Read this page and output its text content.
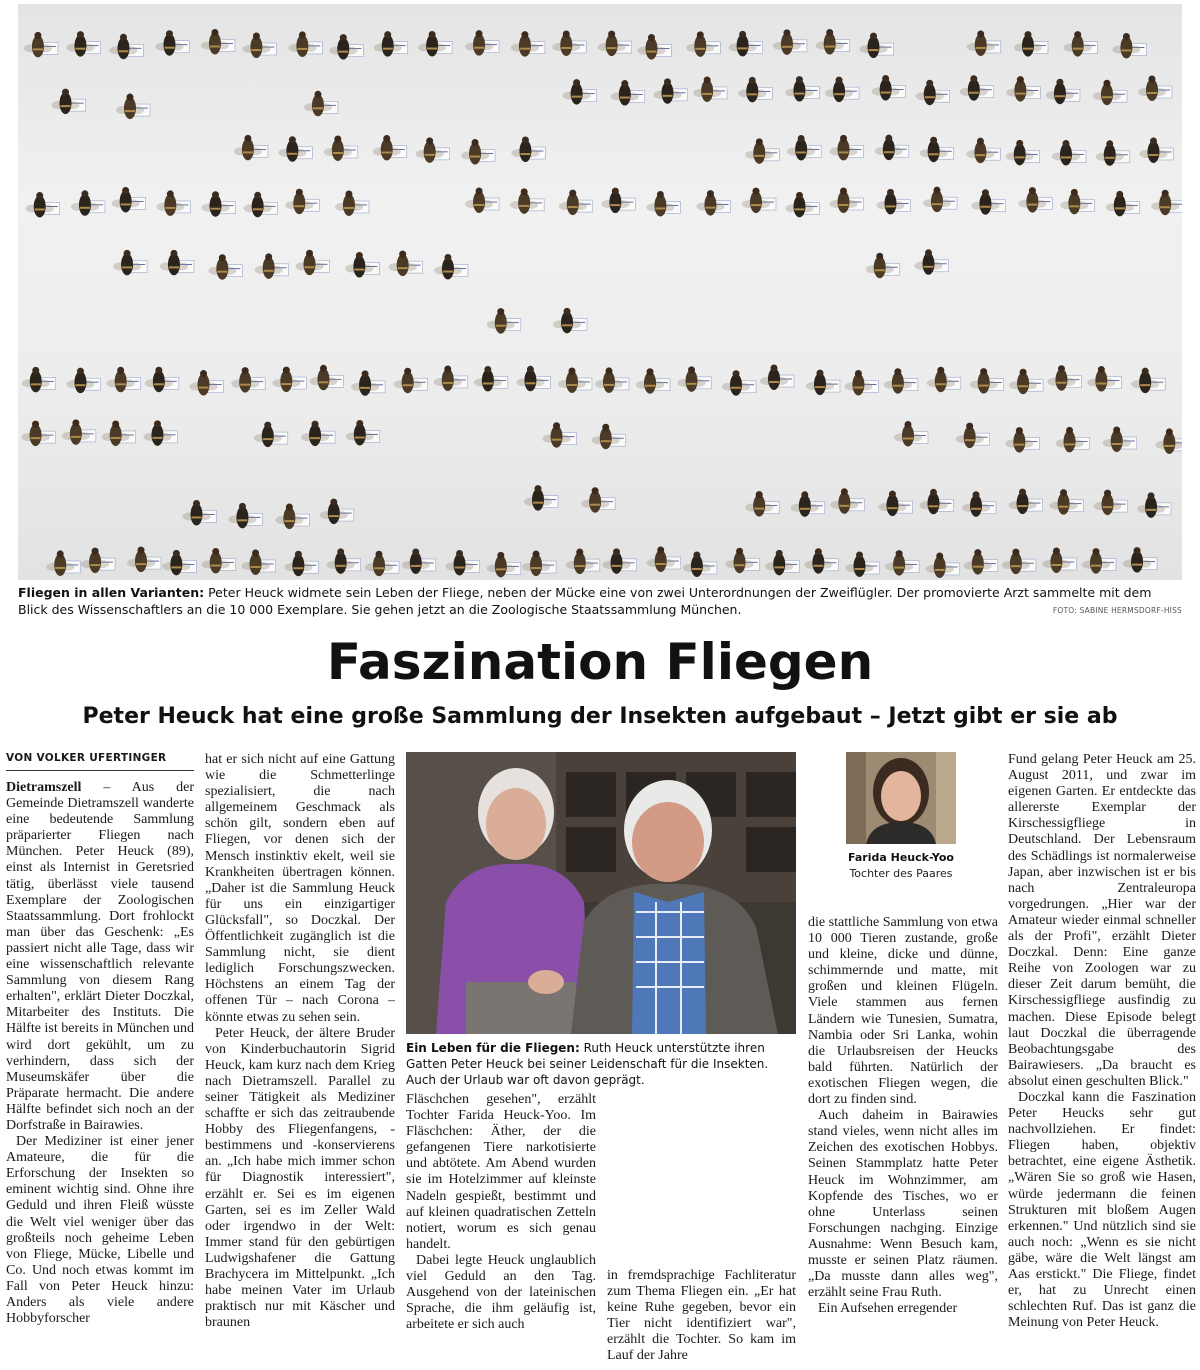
Fliegen in allen Varianten: Peter Heuck widmete sein Leben der Fliege, neben der Mücke eine von zwei Unterordnungen der Zweiflügler. Der promovierte Arzt sammelte mit dem Blick des Wissenschaftlers an die 10 000 Exemplare. Sie gehen jetzt an die Zoologische Staatssammlung München.	FOTO: SABINE HERMSDORF-HISS
Faszination Fliegen
Peter Heuck hat eine große Sammlung der Insekten aufgebaut – Jetzt gibt er sie ab
VON VOLKER UFERTINGER

Dietramszell – Aus der Gemeinde Dietramszell wanderte eine bedeutende Sammlung präparierter Fliegen nach München. Peter Heuck (89), einst als Internist in Geretsried tätig, überlässt viele tausend Exemplare der Zoologischen Staatssammlung. Dort frohlockt man über das Geschenk: „Es passiert nicht alle Tage, dass wir eine wissenschaftlich relevante Sammlung von diesem Rang erhalten", erklärt Dieter Doczkal, Mitarbeiter des Instituts. Die Hälfte ist bereits in München und wird dort gekühlt, um zu verhindern, dass sich der Museumskäfer über die Präparate hermacht. Die andere Hälfte befindet sich noch an der Dorfstraße in Bairawies.

Der Mediziner ist einer jener Amateure, die für die Erforschung der Insekten so eminent wichtig sind. Ohne ihre Geduld und ihren Fleiß wüsste die Welt viel weniger über das großteils noch geheime Leben von Fliege, Mücke, Libelle und Co. Und noch etwas kommt im Fall von Peter Heuck hinzu: Anders als viele andere Hobbyforscher

hat er sich nicht auf eine Gattung wie die Schmetterlinge spezialisiert, die nach allgemeinem Geschmack als schön gilt, sondern eben auf Fliegen, vor denen sich der Mensch instinktiv ekelt, weil sie Krankheiten übertragen können. „Daher ist die Sammlung Heuck für uns ein einzigartiger Glücksfall", so Doczkal. Der Öffentlichkeit zugänglich ist die Sammlung nicht, sie dient lediglich Forschungszwecken. Höchstens an einem Tag der offenen Tür – nach Corona – könnte etwas zu sehen sein.

Peter Heuck, der ältere Bruder von Kinderbuchautorin Sigrid Heuck, kam kurz nach dem Krieg nach Dietramszell. Parallel zu seiner Tätigkeit als Mediziner schaffte er sich das zeitraubende Hobby des Fliegenfangens, -bestimmens und -konservierens an. „Ich habe mich immer schon für Diagnostik interessiert", erzählt er. Sei es im eigenen Garten, sei es im Zeller Wald oder irgendwo in der Welt: Immer stand für den gebürtigen Ludwigshafener die Gattung Brachycera im Mittelpunkt. „Ich habe meinen Vater im Urlaub praktisch nur mit Käscher und braunen

Ein Leben für die Fliegen: Ruth Heuck unterstützte ihren Gatten Peter Heuck bei seiner Leidenschaft für die Insekten. Auch der Urlaub war oft davon geprägt.

Fläschchen gesehen", erzählt Tochter Farida Heuck-Yoo. Im Fläschchen: Äther, der die gefangenen Tiere narkotisierte und abtötete. Am Abend wurden sie im Hotelzimmer auf kleinste Nadeln gespießt, bestimmt und auf kleinen quadratischen Zetteln notiert, worum es sich genau handelt.

Dabei legte Heuck unglaublich viel Geduld an den Tag. Ausgehend von der lateinischen Sprache, die ihm geläufig ist, arbeitete er sich auch

in fremdsprachige Fachliteratur zum Thema Fliegen ein. „Er hat keine Ruhe gegeben, bevor ein Tier nicht identifiziert war", erzählt die Tochter. So kam im Lauf der Jahre

Farida Heuck-Yoo
Tochter des Paares

die stattliche Sammlung von etwa 10 000 Tieren zustande, große und kleine, dicke und dünne, schimmernde und matte, mit großen und kleinen Flügeln. Viele stammen aus fernen Ländern wie Tunesien, Sumatra, Nambia oder Sri Lanka, wohin die Urlaubsreisen der Heucks bald führten. Natürlich der exotischen Fliegen wegen, die dort zu finden sind.

Auch daheim in Bairawies stand vieles, wenn nicht alles im Zeichen des exotischen Hobbys. Seinen Stammplatz hatte Peter Heuck im Wohnzimmer, am Kopfende des Tisches, wo er ohne Unterlass seinen Forschungen nachging. Einzige Ausnahme: Wenn Besuch kam, musste er seinen Platz räumen. „Da musste dann alles weg", erzählt seine Frau Ruth.

Ein Aufsehen erregender

Fund gelang Peter Heuck am 25. August 2011, und zwar im eigenen Garten. Er entdeckte das allererste Exemplar der Kirschessigfliege in Deutschland. Der Lebensraum des Schädlings ist normalerweise Japan, aber inzwischen ist er bis nach Zentraleuropa vorgedrungen. „Hier war der Amateur wieder einmal schneller als der Profi", erzählt Dieter Doczkal. Denn: Eine ganze Reihe von Zoologen war zu dieser Zeit darum bemüht, die Kirschessigfliege ausfindig zu machen. Diese Episode belegt laut Doczkal die überragende Beobachtungsgabe des Bairawiesers. „Da braucht es absolut einen geschulten Blick."

Doczkal kann die Faszination Peter Heucks sehr gut nachvollziehen. Er findet: Fliegen haben, objektiv betrachtet, eine eigene Ästhetik. „Wären Sie so groß wie Hasen, würde jedermann die feinen Strukturen mit bloßem Augen erkennen." Und nützlich sind sie auch noch: „Wenn es sie nicht gäbe, wäre die Welt längst am Aas erstickt." Die Fliege, findet er, hat zu Unrecht einen schlechten Ruf. Das ist ganz die Meinung von Peter Heuck.
